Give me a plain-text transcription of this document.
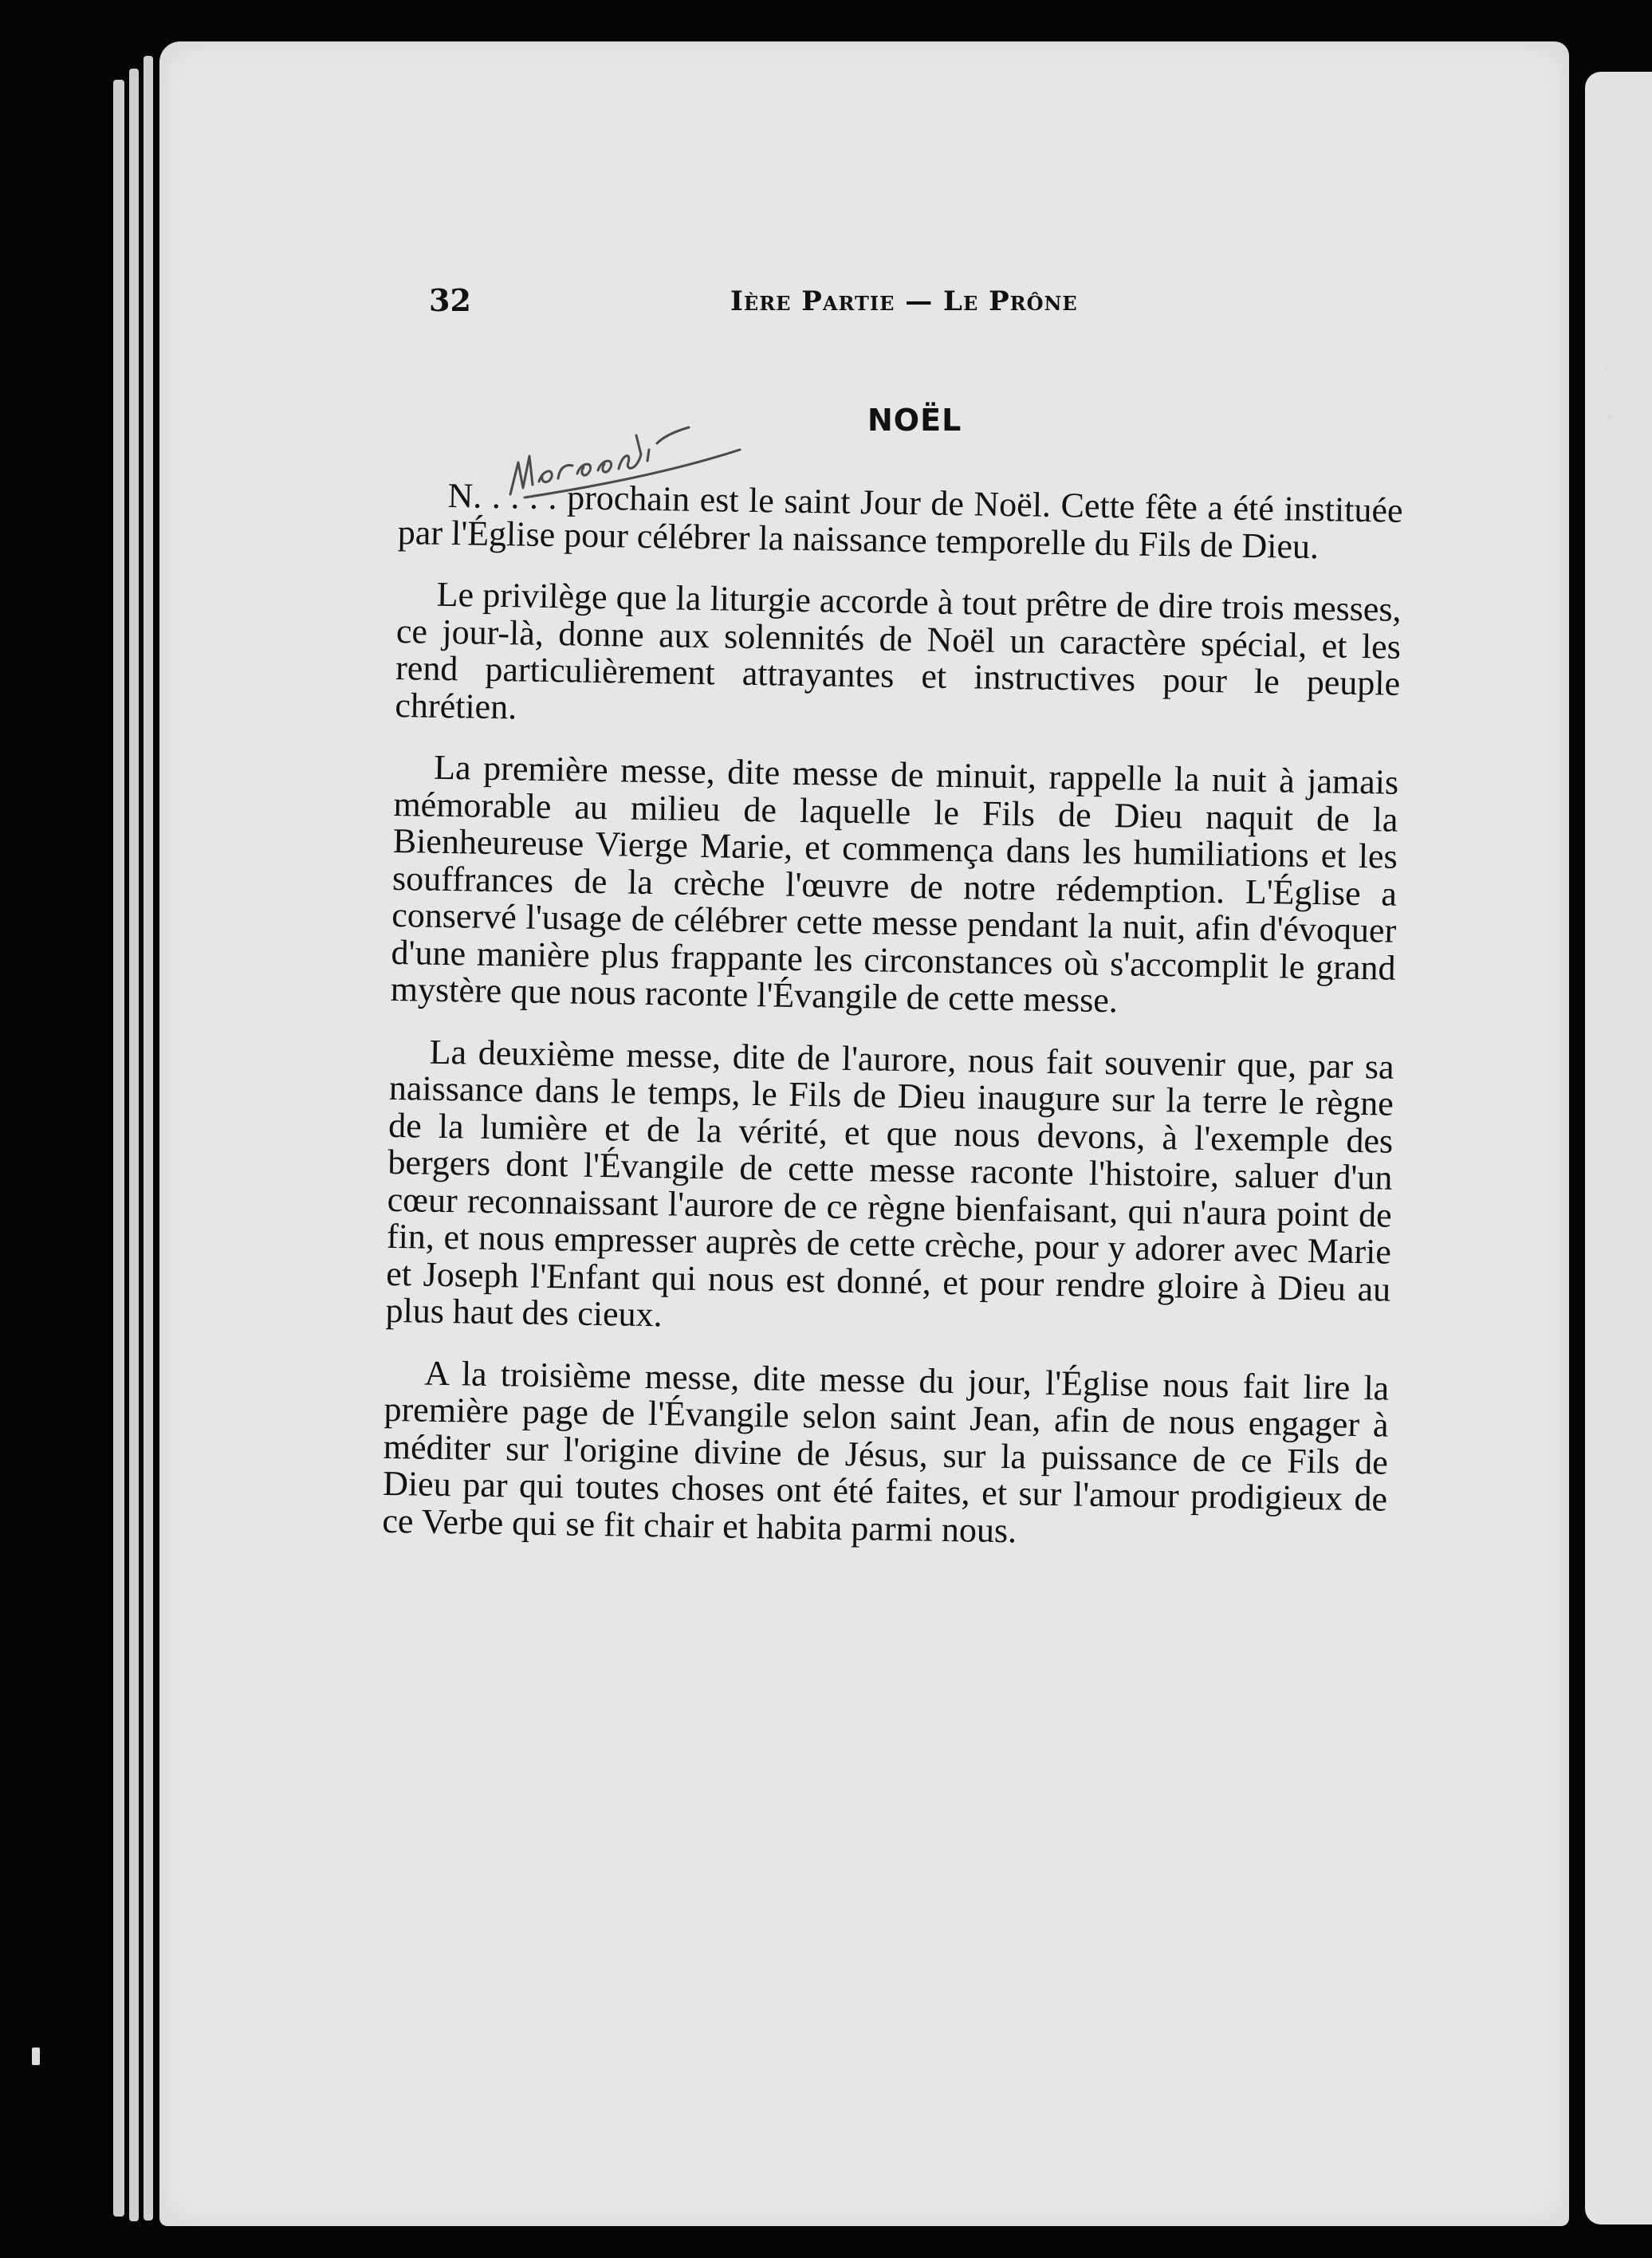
32	Ière Partie — Le Prône
NOËL

N. . . . . prochain est le saint Jour de Noël. Cette fête a été instituée par l'Église pour célébrer la naissance temporelle du Fils de Dieu.

Le privilège que la liturgie accorde à tout prêtre de dire trois messes, ce jour-là, donne aux solennités de Noël un caractère spécial, et les rend particulièrement attrayantes et instructives pour le peuple chrétien.

La première messe, dite messe de minuit, rappelle la nuit à jamais mémorable au milieu de laquelle le Fils de Dieu naquit de la Bienheureuse Vierge Marie, et commença dans les humiliations et les souffrances de la crèche l'œuvre de notre rédemption. L'Église a conservé l'usage de célébrer cette messe pendant la nuit, afin d'évoquer d'une manière plus frappante les circonstances où s'accomplit le grand mystère que nous raconte l'Évangile de cette messe.

La deuxième messe, dite de l'aurore, nous fait souvenir que, par sa naissance dans le temps, le Fils de Dieu inaugure sur la terre le règne de la lumière et de la vérité, et que nous devons, à l'exemple des bergers dont l'Évangile de cette messe raconte l'histoire, saluer d'un cœur reconnaissant l'aurore de ce règne bienfaisant, qui n'aura point de fin, et nous empresser auprès de cette crèche, pour y adorer avec Marie et Joseph l'Enfant qui nous est donné, et pour rendre gloire à Dieu au plus haut des cieux.

A la troisième messe, dite messe du jour, l'Église nous fait lire la première page de l'Évangile selon saint Jean, afin de nous engager à méditer sur l'origine divine de Jésus, sur la puissance de ce Fils de Dieu par qui toutes choses ont été faites, et sur l'amour prodigieux de ce Verbe qui se fit chair et habita parmi nous.
